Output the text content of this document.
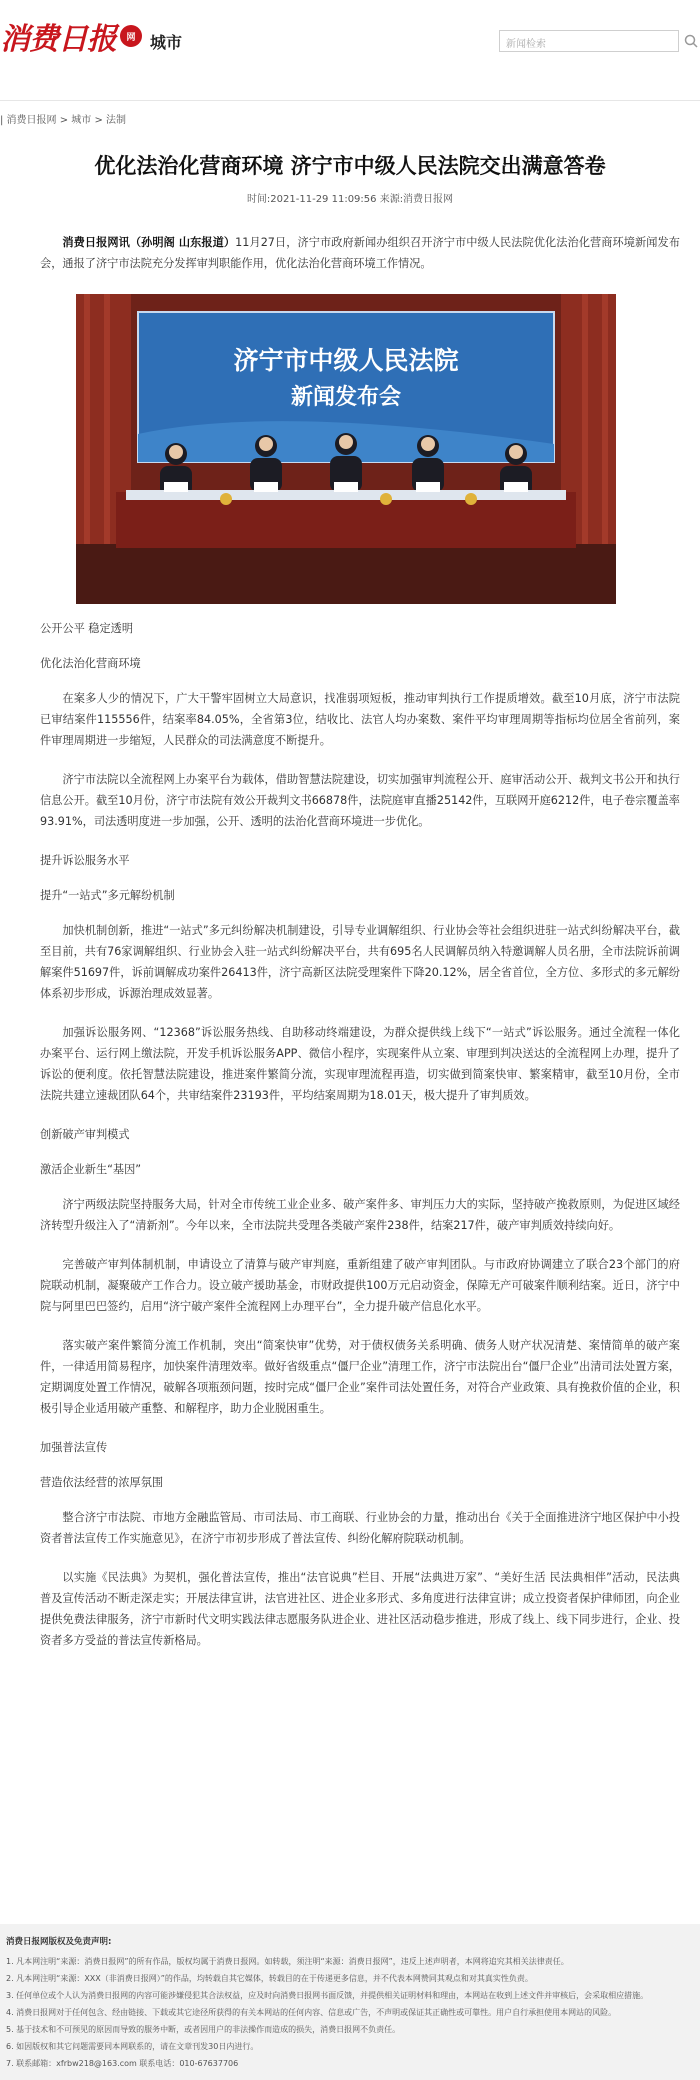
消费日报	网 城市	新闻检索
| 消费日报网 > 城市 > 法制
优化法治化营商环境 济宁市中级人民法院交出满意答卷
时间:2021-11-29 11:09:56 来源:消费日报网

消费日报网讯（孙明阁 山东报道）11月27日，济宁市政府新闻办组织召开济宁市中级人民法院优化法治化营商环境新闻发布会，通报了济宁市法院充分发挥审判职能作用，优化法治化营商环境工作情况。

济宁市中级人民法院
新闻发布会

公开公平 稳定透明

优化法治化营商环境

在案多人少的情况下，广大干警牢固树立大局意识，找准弱项短板，推动审判执行工作提质增效。截至10月底，济宁市法院已审结案件115556件，结案率84.05%，全省第3位，结收比、法官人均办案数、案件平均审理周期等指标均位居全省前列，案件审理周期进一步缩短，人民群众的司法满意度不断提升。

济宁市法院以全流程网上办案平台为载体，借助智慧法院建设，切实加强审判流程公开、庭审活动公开、裁判文书公开和执行信息公开。截至10月份，济宁市法院有效公开裁判文书66878件，法院庭审直播25142件，互联网开庭6212件，电子卷宗覆盖率93.91%，司法透明度进一步加强，公开、透明的法治化营商环境进一步优化。

提升诉讼服务水平

提升“一站式”多元解纷机制

加快机制创新，推进“一站式”多元纠纷解决机制建设，引导专业调解组织、行业协会等社会组织进驻一站式纠纷解决平台，截至目前，共有76家调解组织、行业协会入驻一站式纠纷解决平台，共有695名人民调解员纳入特邀调解人员名册，全市法院诉前调解案件51697件，诉前调解成功案件26413件，济宁高新区法院受理案件下降20.12%，居全省首位，全方位、多形式的多元解纷体系初步形成，诉源治理成效显著。

加强诉讼服务网、“12368”诉讼服务热线、自助移动终端建设，为群众提供线上线下“一站式”诉讼服务。通过全流程一体化办案平台、运行网上缴法院，开发手机诉讼服务APP、微信小程序，实现案件从立案、审理到判决送达的全流程网上办理，提升了诉讼的便利度。依托智慧法院建设，推进案件繁简分流，实现审理流程再造，切实做到简案快审、繁案精审，截至10月份，全市法院共建立速裁团队64个，共审结案件23193件，平均结案周期为18.01天，极大提升了审判质效。

创新破产审判模式

激活企业新生“基因”

济宁两级法院坚持服务大局，针对全市传统工业企业多、破产案件多、审判压力大的实际，坚持破产挽救原则，为促进区域经济转型升级注入了“清新剂”。今年以来，全市法院共受理各类破产案件238件，结案217件，破产审判质效持续向好。

完善破产审判体制机制，申请设立了清算与破产审判庭，重新组建了破产审判团队。与市政府协调建立了联合23个部门的府院联动机制，凝聚破产工作合力。设立破产援助基金，市财政提供100万元启动资金，保障无产可破案件顺利结案。近日，济宁中院与阿里巴巴签约，启用“济宁破产案件全流程网上办理平台”，全力提升破产信息化水平。

落实破产案件繁简分流工作机制，突出“简案快审”优势，对于债权债务关系明确、债务人财产状况清楚、案情简单的破产案件，一律适用简易程序，加快案件清理效率。做好省级重点“僵尸企业”清理工作，济宁市法院出台“僵尸企业”出清司法处置方案，定期调度处置工作情况，破解各项瓶颈问题，按时完成“僵尸企业”案件司法处置任务，对符合产业政策、具有挽救价值的企业，积极引导企业适用破产重整、和解程序，助力企业脱困重生。

加强普法宣传

营造依法经营的浓厚氛围

整合济宁市法院、市地方金融监管局、市司法局、市工商联、行业协会的力量，推动出台《关于全面推进济宁地区保护中小投资者普法宣传工作实施意见》，在济宁市初步形成了普法宣传、纠纷化解府院联动机制。

以实施《民法典》为契机，强化普法宣传，推出“法官说典”栏目、开展“法典进万家”、“美好生活 民法典相伴”活动，民法典普及宣传活动不断走深走实；开展法律宣讲，法官进社区、进企业多形式、多角度进行法律宣讲；成立投资者保护律师团，向企业提供免费法律服务，济宁市新时代文明实践法律志愿服务队进企业、进社区活动稳步推进，形成了线上、线下同步进行，企业、投资者多方受益的普法宣传新格局。

消费日报网版权及免责声明:
1. 凡本网注明“来源：消费日报网”的所有作品，版权均属于消费日报网。如转载，须注明“来源：消费日报网”，违反上述声明者，本网将追究其相关法律责任。
2. 凡本网注明“来源：XXX（非消费日报网）”的作品，均转载自其它媒体，转载目的在于传递更多信息，并不代表本网赞同其观点和对其真实性负责。
3. 任何单位或个人认为消费日报网的内容可能涉嫌侵犯其合法权益，应及时向消费日报网书面反馈，并提供相关证明材料和理由，本网站在收到上述文件并审核后，会采取相应措施。
4. 消费日报网对于任何包含、经由链接、下载或其它途径所获得的有关本网站的任何内容、信息或广告，不声明或保证其正确性或可靠性。用户自行承担使用本网站的风险。
5. 基于技术和不可预见的原因而导致的服务中断，或者因用户的非法操作而造成的损失，消费日报网不负责任。
6. 如因版权和其它问题需要同本网联系的，请在文章刊发30日内进行。
7. 联系邮箱：xfrbw218@163.com 联系电话：010-67637706
